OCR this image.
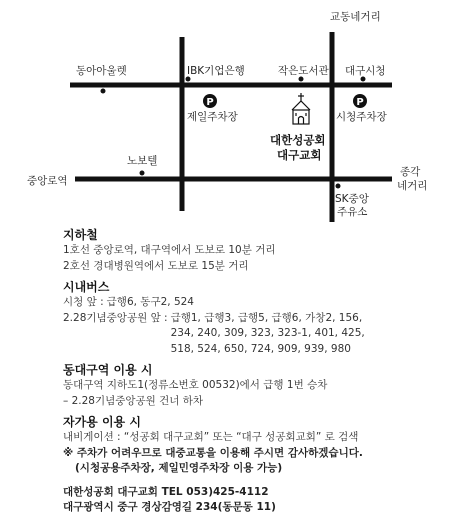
P	P
교동네거리
동아아울렛	IBK기업은행	작은도서관 대구시청
제일주차장	시청주차장
대한성공회
대구교회
노보텔
중앙로역
종각
네거리
SK중앙
주유소
지하철
1호선 중앙로역, 대구역에서 도보로 10분 거리
2호선 경대병원역에서 도보로 15분 거리
시내버스
시청 앞 : 급행6, 동구2, 524
2.28기념중앙공원 앞 : 급행1, 급행3, 급행5, 급행6, 가창2, 156, 234, 240, 309, 323, 323-1, 401, 425, 518, 524, 650, 724, 909, 939, 980
동대구역 이용 시
동대구역 지하도1(정류소번호 00532)에서 급행 1번 승차
– 2.28기념중앙공원 건너 하차
자가용 이용 시
내비게이션 : “성공회 대구교회” 또는 “대구 성공회교회” 로 검색
※ 주차가 어려우므로 대중교통을 이용해 주시면 감사하겠습니다.
(시청공용주차장, 제일민영주차장 이용 가능)
대한성공회 대구교회 TEL 053)425-4112
대구광역시 중구 경상감영길 234(동문동 11)
